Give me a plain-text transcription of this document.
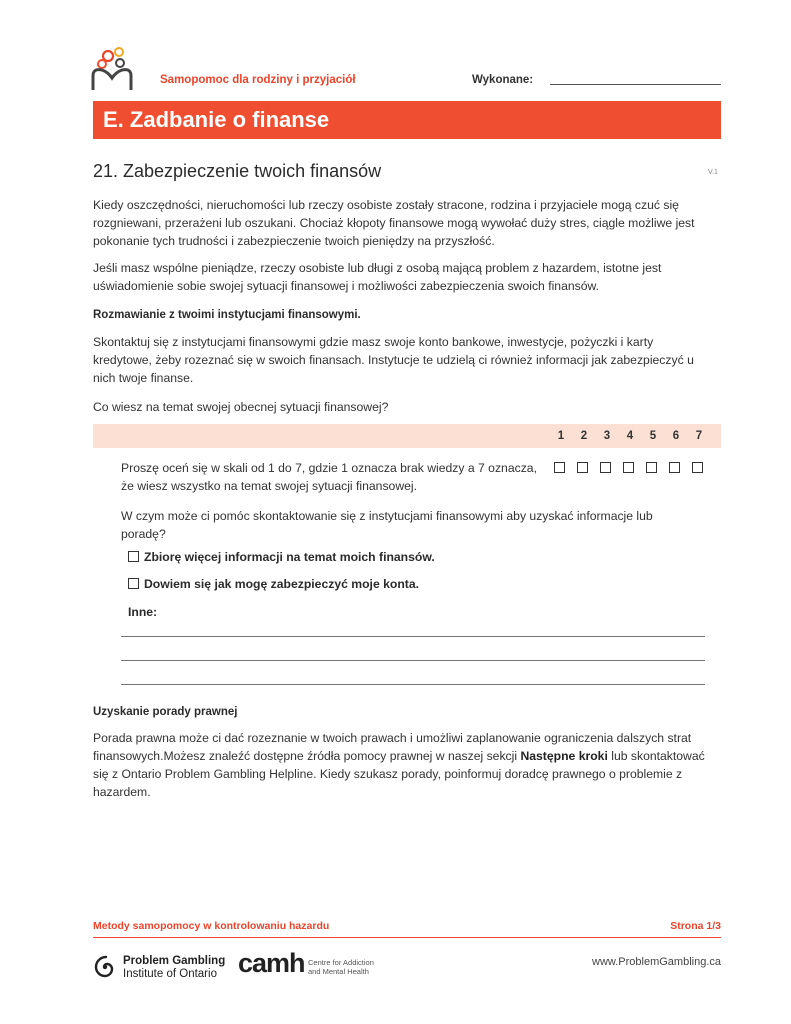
Samopomoc dla rodziny i przyjaciół	Wykonane:
E. Zadbanie o finanse
21. Zabezpieczenie twoich finansów	V.1
Kiedy oszczędności, nieruchomości lub rzeczy osobiste zostały stracone, rodzina i przyjaciele mogą czuć się rozgniewani, przerażeni lub oszukani. Chociaż kłopoty finansowe mogą wywołać duży stres, ciągle możliwe jest pokonanie tych trudności i zabezpieczenie twoich pieniędzy na przyszłość.
Jeśli masz wspólne pieniądze, rzeczy osobiste lub długi z osobą mającą problem z hazardem, istotne jest uświadomienie sobie swojej sytuacji finansowej i możliwości zabezpieczenia swoich finansów.
Rozmawianie z twoimi instytucjami finansowymi.
Skontaktuj się z instytucjami finansowymi gdzie masz swoje konto bankowe, inwestycje, pożyczki i karty kredytowe, żeby rozeznać się w swoich finansach. Instytucje te udzielą ci również informacji jak zabezpieczyć u nich twoje finanse.
Co wiesz na temat swojej obecnej sytuacji finansowej?
1	2	3	4	5	6	7
Proszę oceń się w skali od 1 do 7, gdzie 1 oznacza brak wiedzy a 7 oznacza, że wiesz wszystko na temat swojej sytuacji finansowej.
W czym może ci pomóc skontaktowanie się z instytucjami finansowymi aby uzyskać informacje lub poradę?
Zbiorę więcej informacji na temat moich finansów.
Dowiem się jak mogę zabezpieczyć moje konta.
Inne:
Uzyskanie porady prawnej
Porada prawna może ci dać rozeznanie w twoich prawach i umożliwi zaplanowanie ograniczenia dalszych strat finansowych.Możesz znaleźć dostępne źródła pomocy prawnej w naszej sekcji Następne kroki lub skontaktować się z Ontario Problem Gambling Helpline. Kiedy szukasz porady, poinformuj doradcę prawnego o problemie z hazardem.
Metody samopomocy w kontrolowaniu hazardu	Strona 1/3
Problem Gambling
Institute of Ontario camh Centre for Addiction
and Mental Health
www.ProblemGambling.ca
